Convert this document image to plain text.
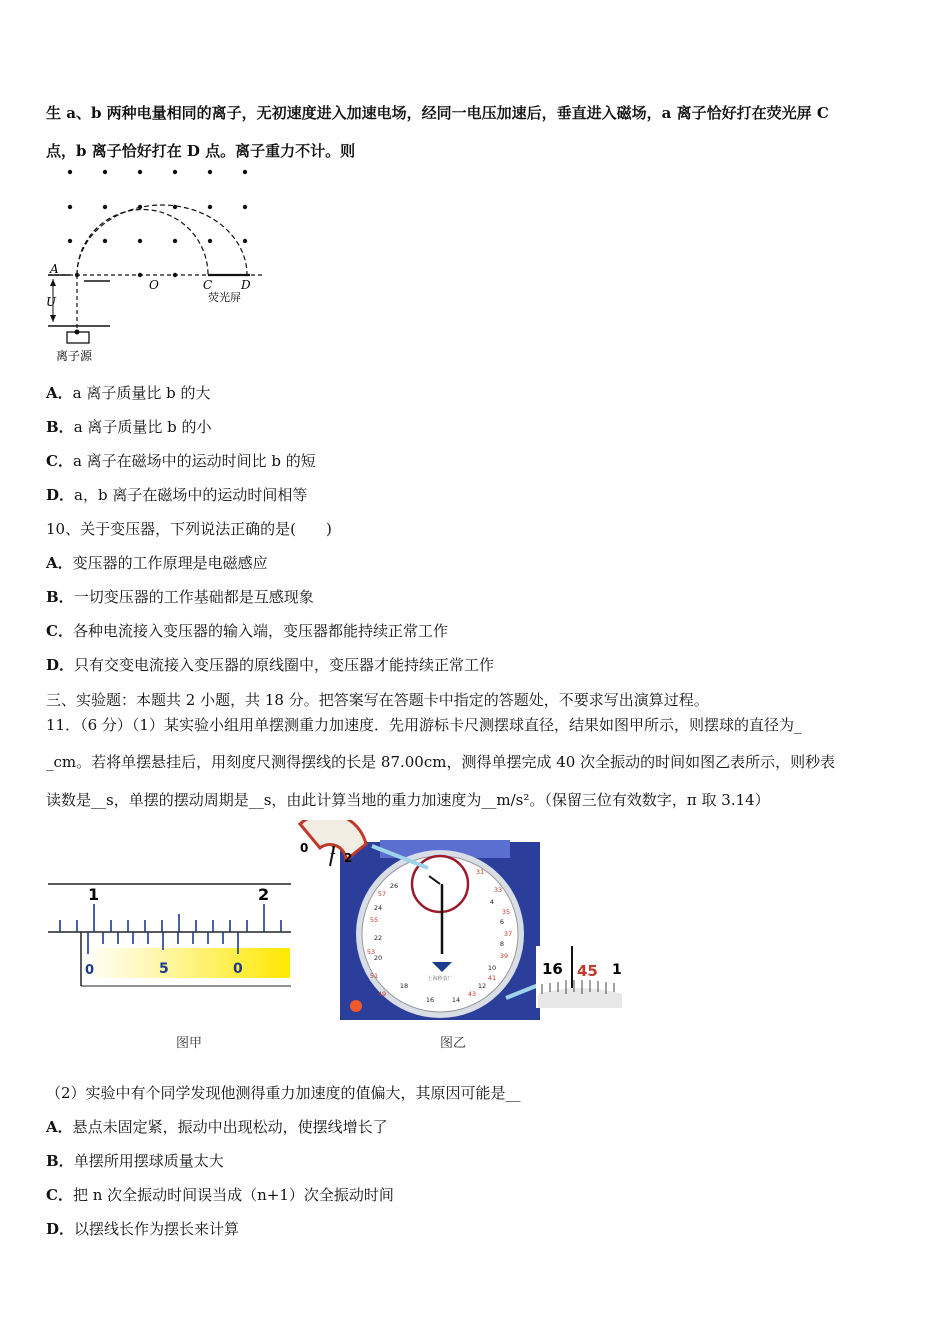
生 a、b 两种电量相同的离子，无初速度进入加速电场，经同一电压加速后，垂直进入磁场，a 离子恰好打在荧光屏 C
点，b 离子恰好打在 D 点。离子重力不计。则
A
U
O	C D
荧光屏
离子源
A．a 离子质量比 b 的大
B．a 离子质量比 b 的小
C．a 离子在磁场中的运动时间比 b 的短
D．a，b 离子在磁场中的运动时间相等
10、关于变压器，下列说法正确的是(　　)
A．变压器的工作原理是电磁感应
B．一切变压器的工作基础都是互感现象
C．各种电流接入变压器的输入端，变压器都能持续正常工作
D．只有交变电流接入变压器的原线圈中，变压器才能持续正常工作
三、实验题：本题共 2 小题，共 18 分。把答案写在答题卡中指定的答题处，不要求写出演算过程。
11．（6 分）（1）某实验小组用单摆测重力加速度．先用游标卡尺测摆球直径，结果如图甲所示，则摆球的直径为_
_cm。若将单摆悬挂后，用刻度尺测得摆线的长是 87.00cm，测得单摆完成 40 次全振动的时间如图乙表所示，则秒表
读数是__s，单摆的摆动周期是__s，由此计算当地的重力加速度为__m/s²。（保留三位有效数字，π 取 3.14）
1	2
0	5	0
图甲
31
33
35
37
39
41
43
49
51
53
55
57
4
6
8
10
12
14
16
18
20
22
24
26
上海秒表厂
0 1
2
16 45 1
图乙
（2）实验中有个同学发现他测得重力加速度的值偏大，其原因可能是__
A．悬点未固定紧，振动中出现松动，使摆线增长了
B．单摆所用摆球质量太大
C．把 n 次全振动时间误当成（n+1）次全振动时间
D．以摆线长作为摆长来计算
